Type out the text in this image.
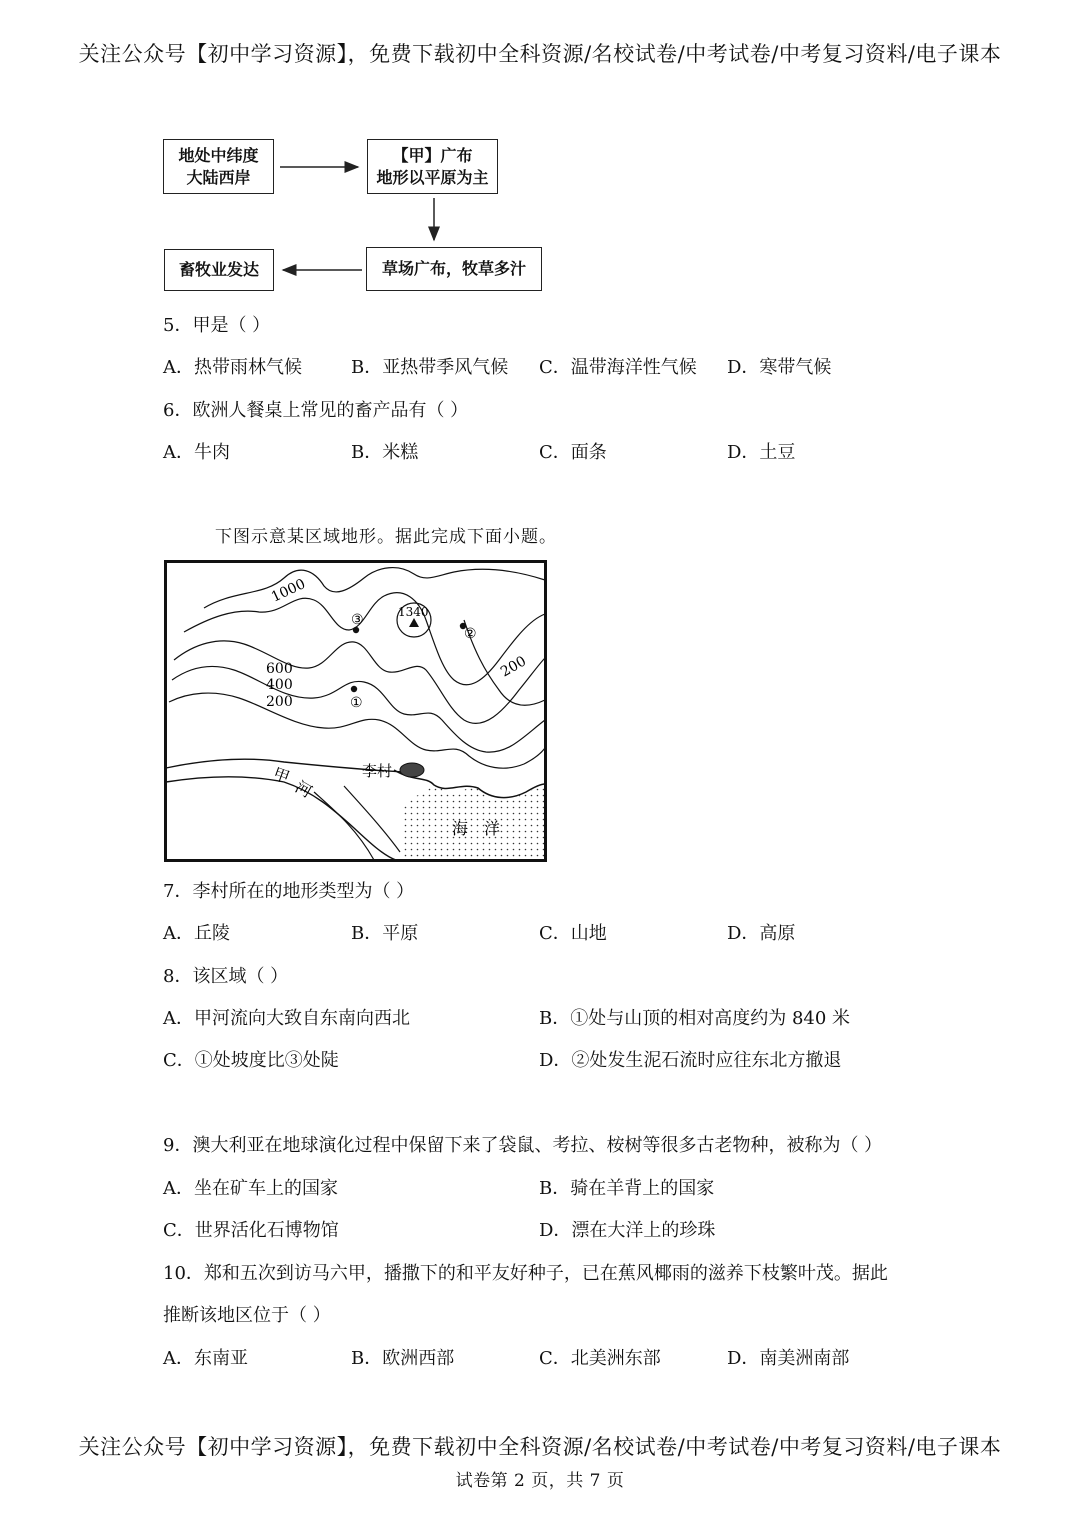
关注公众号【初中学习资源】，免费下载初中全科资源/名校试卷/中考试卷/中考复习资料/电子课本
地处中纬度
大陆西岸
【甲】广布
地形以平原为主
草场广布，牧草多汁
畜牧业发达
5．甲是（ ）
A．热带雨林气候	B．亚热带季风气候 C．温带海洋性气候 D．寒带气候
6．欧洲人餐桌上常见的畜产品有（ ）
A．牛肉	B．米糕	C．面条	D．土豆
下图示意某区域地形。据此完成下面小题。
1000
600
400
200
200
1340
③
②
①
李村
甲
河
海 洋
7．李村所在的地形类型为（ ）
A．丘陵	B．平原	C．山地	D．高原
8．该区域（ ）
A．甲河流向大致自东南向西北	B．①处与山顶的相对高度约为 840 米
C．①处坡度比③处陡	D．②处发生泥石流时应往东北方撤退
9．澳大利亚在地球演化过程中保留下来了袋鼠、考拉、桉树等很多古老物种，被称为（ ）
A．坐在矿车上的国家	B．骑在羊背上的国家
C．世界活化石博物馆	D．漂在大洋上的珍珠
10．郑和五次到访马六甲，播撒下的和平友好种子，已在蕉风椰雨的滋养下枝繁叶茂。据此
推断该地区位于（ ）
A．东南亚	B．欧洲西部	C．北美洲东部	D．南美洲南部
关注公众号【初中学习资源】，免费下载初中全科资源/名校试卷/中考试卷/中考复习资料/电子课本
试卷第 2 页，共 7 页
